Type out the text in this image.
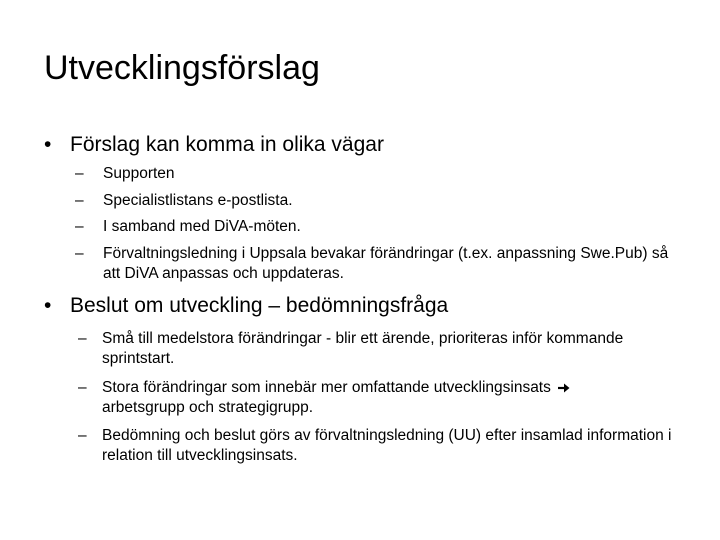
Utvecklingsförslag
• Förslag kan komma in olika vägar
– Supporten
– Specialistlistans e-postlista.
– I samband med DiVA-möten.
– Förvaltningsledning i Uppsala bevakar förändringar (t.ex. anpassning Swe.Pub) så att DiVA anpassas och uppdateras.
• Beslut om utveckling – bedömningsfråga
– Små till medelstora förändringar - blir ett ärende, prioriteras inför kommande sprintstart.
– Stora förändringar som innebär mer omfattande utvecklingsinsats
arbetsgrupp och strategigrupp.
– Bedömning och beslut görs av förvaltningsledning (UU) efter insamlad information i relation till utvecklingsinsats.
